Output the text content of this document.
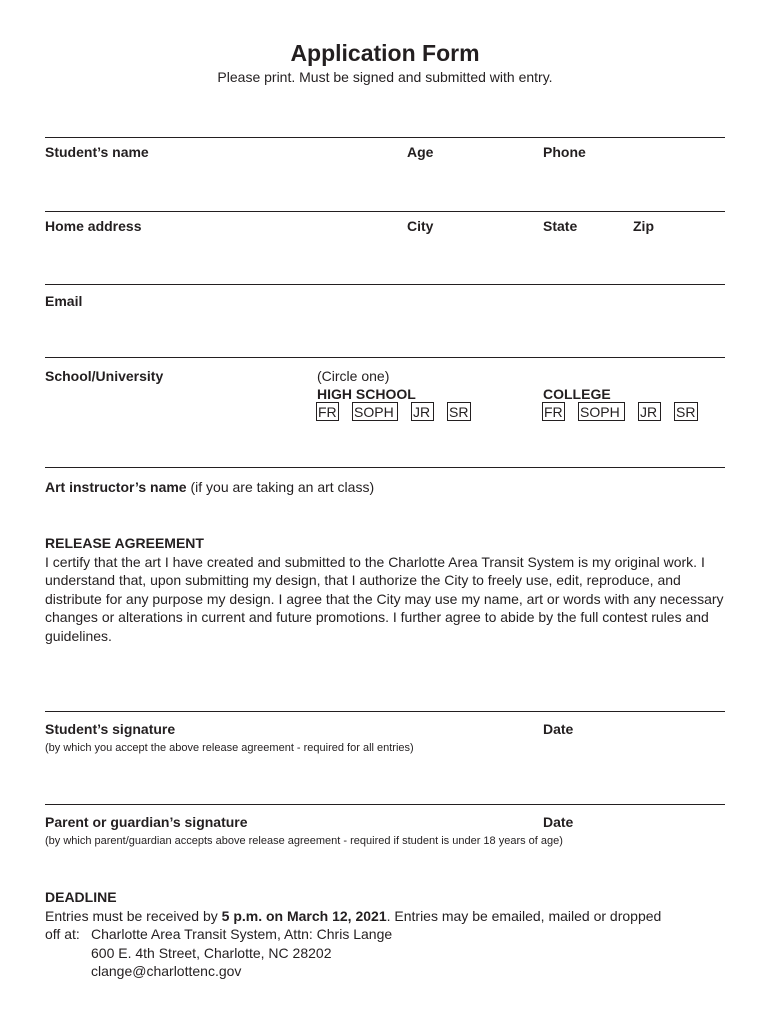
Application Form
Please print. Must be signed and submitted with entry.
Student’s name	Age	Phone
Home address	City	State	Zip
Email
School/University	(Circle one)
HIGH SCHOOL	COLLEGE
FR SOPH	JR SR	FR SOPH	JR SR
Art instructor’s name (if you are taking an art class)

RELEASE AGREEMENT

I certify that the art I have created and submitted to the Charlotte Area Transit System is my original work. I understand that, upon submitting my design, that I authorize the City to freely use, edit, reproduce, and distribute for any purpose my design. I agree that the City may use my name, art or words with any necessary changes or alterations in current and future promotions. I further agree to abide by the full contest rules and guidelines.

Student’s signature	Date
(by which you accept the above release agreement - required for all entries)
Parent or guardian’s signature	Date
(by which parent/guardian accepts above release agreement - required if student is under 18 years of age)

DEADLINE

Entries must be received by 5 p.m. on March 12, 2021. Entries may be emailed, mailed or dropped

off at: Charlotte Area Transit System, Attn: Chris Lange
600 E. 4th Street, Charlotte, NC 28202
clange@charlottenc.gov
